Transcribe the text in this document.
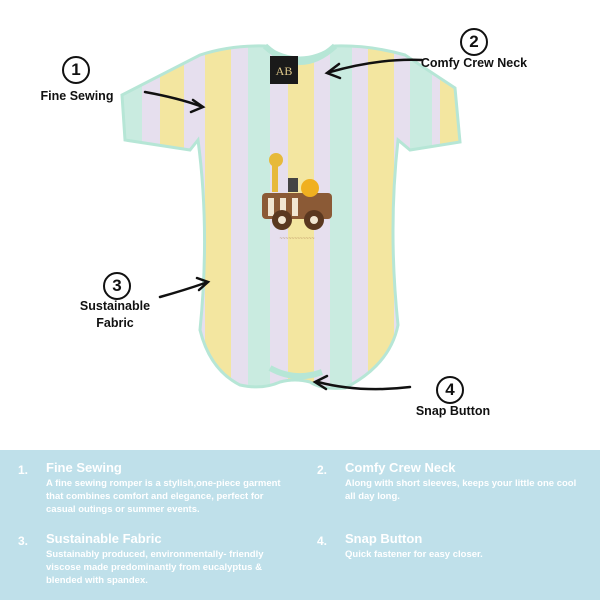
AB
~~~~~~~~~~~~
1
Fine Sewing
2
Comfy Crew Neck
3
Sustainable
Fabric
4
Snap Button
1. Fine Sewing
A fine sewing romper is a stylish,one-piece garment that combines comfort and elegance, perfect for casual outings or summer events.
2. Comfy Crew Neck
Along with short sleeves, keeps your little one cool all day long.
3. Sustainable Fabric
Sustainably produced, environmentally- friendly viscose made predominantly from eucalyptus & blended with spandex.
4. Snap Button
Quick fastener for easy closer.
